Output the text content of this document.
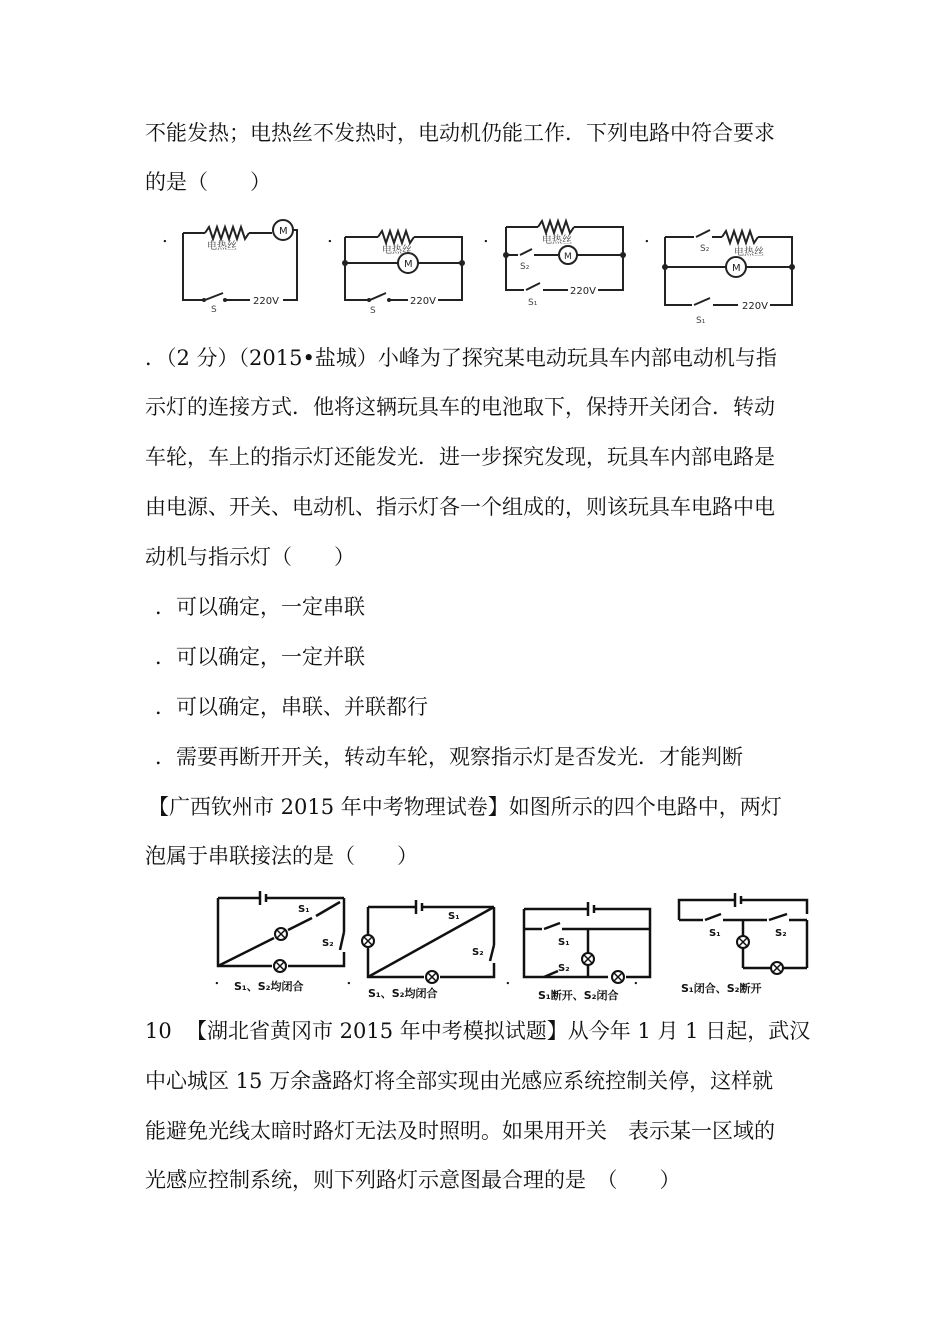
不能发热；电热丝不发热时，电动机仍能工作．下列电路中符合要求
的是（　　）
.	.	.	.
M
电热丝
S
220V
M
电热丝
S
220V
M
电热丝
S₂
S₁
220V
M
电热丝
S₂
S₁
220V
．（2 分）（2015•盐城）小峰为了探究某电动玩具车内部电动机与指
示灯的连接方式．他将这辆玩具车的电池取下，保持开关闭合．转动
车轮，车上的指示灯还能发光．进一步探究发现，玩具车内部电路是
由电源、开关、电动机、指示灯各一个组成的，则该玩具车电路中电
动机与指示灯（　　）
．可以确定，一定串联
．可以确定，一定并联
．可以确定，串联、并联都行
．需要再断开开关，转动车轮，观察指示灯是否发光．才能判断
【广西钦州市 2015 年中考物理试卷】如图所示的四个电路中，两灯
泡属于串联接法的是（　　）
.	.	.	.
S₁
S₂
S₁、S₂均闭合
S₁
S₂
S₁、S₂均闭合
S₁
S₂
S₁断开、S₂闭合
S₁	S₂
S₁闭合、S₂断开
10 【湖北省黄冈市 2015 年中考模拟试题】从今年 1 月 1 日起，武汉
中心城区 15 万余盏路灯将全部实现由光感应系统控制关停，这样就
能避免光线太暗时路灯无法及时照明。如果用开关　表示某一区域的
光感应控制系统，则下列路灯示意图最合理的是　（　　）
